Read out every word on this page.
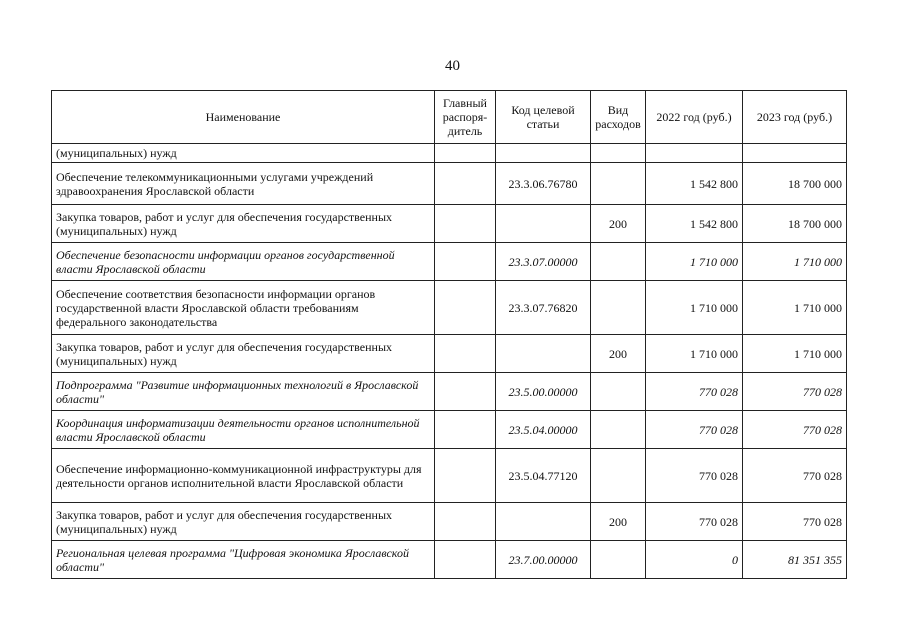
40
Наименование	Главный распоря- дитель	Код целевой статьи	Вид расходов	2022 год (руб.)	2023 год (руб.)
(муниципальных) нужд					
Обеспечение телекоммуникационными услугами учреждений здравоохранения Ярославской области		23.3.06.76780		1 542 800	18 700 000
Закупка товаров, работ и услуг для обеспечения государственных (муниципальных) нужд			200	1 542 800	18 700 000
Обеспечение безопасности информации органов государственной власти Ярославской области		23.3.07.00000		1 710 000	1 710 000
Обеспечение соответствия безопасности информации органов государственной власти Ярославской области требованиям федерального законодательства		23.3.07.76820		1 710 000	1 710 000
Закупка товаров, работ и услуг для обеспечения государственных (муниципальных) нужд			200	1 710 000	1 710 000
Подпрограмма "Развитие информационных технологий в Ярославской области"		23.5.00.00000		770 028	770 028
Координация информатизации деятельности органов исполнительной власти Ярославской области		23.5.04.00000		770 028	770 028
Обеспечение информационно-коммуникационной инфраструктуры для деятельности органов исполнительной власти Ярославской области		23.5.04.77120		770 028	770 028
Закупка товаров, работ и услуг для обеспечения государственных (муниципальных) нужд			200	770 028	770 028
Региональная целевая программа "Цифровая экономика Ярославской области"		23.7.00.00000		0	81 351 355
